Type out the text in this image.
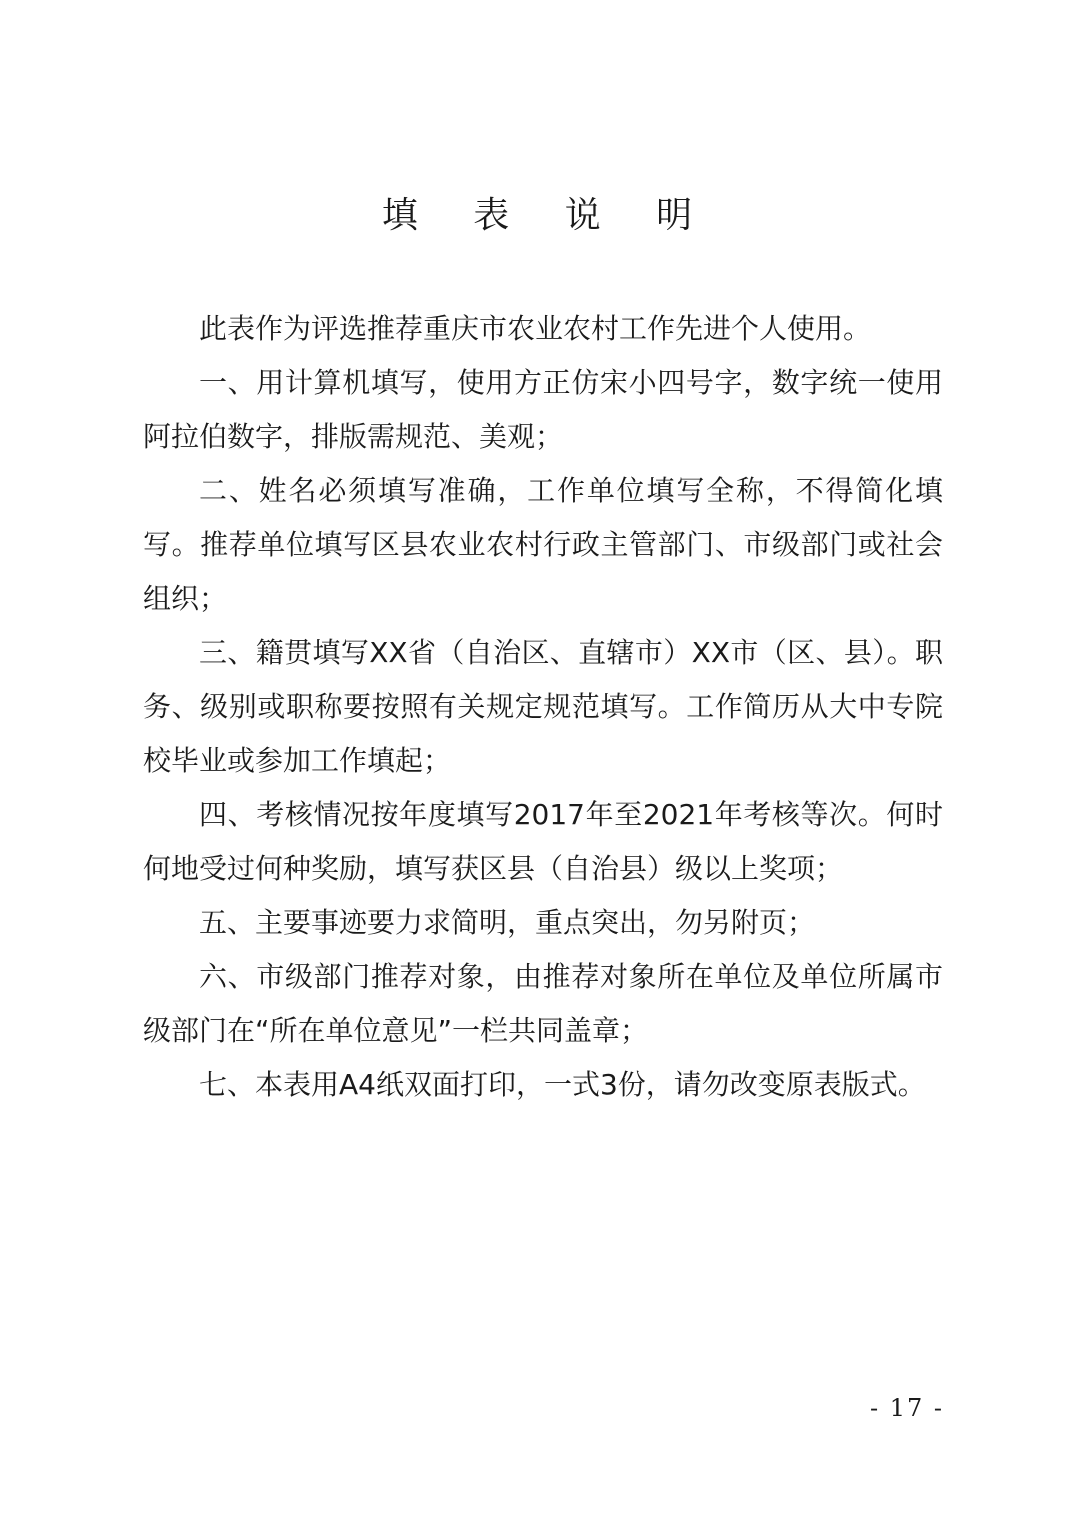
填 表 说 明

此表作为评选推荐重庆市农业农村工作先进个人使用。

一、用计算机填写，使用方正仿宋小四号字，数字统一使用阿拉伯数字，排版需规范、美观；

二、姓名必须填写准确，工作单位填写全称，不得简化填写。推荐单位填写区县农业农村行政主管部门、市级部门或社会组织；

三、籍贯填写XX省（自治区、直辖市）XX市（区、县）。职务、级别或职称要按照有关规定规范填写。工作简历从大中专院校毕业或参加工作填起；

四、考核情况按年度填写2017年至2021年考核等次。何时何地受过何种奖励，填写获区县（自治县）级以上奖项；

五、主要事迹要力求简明，重点突出，勿另附页；

六、市级部门推荐对象，由推荐对象所在单位及单位所属市级部门在“所在单位意见”一栏共同盖章；

七、本表用A4纸双面打印，一式3份，请勿改变原表版式。

- 17 -
